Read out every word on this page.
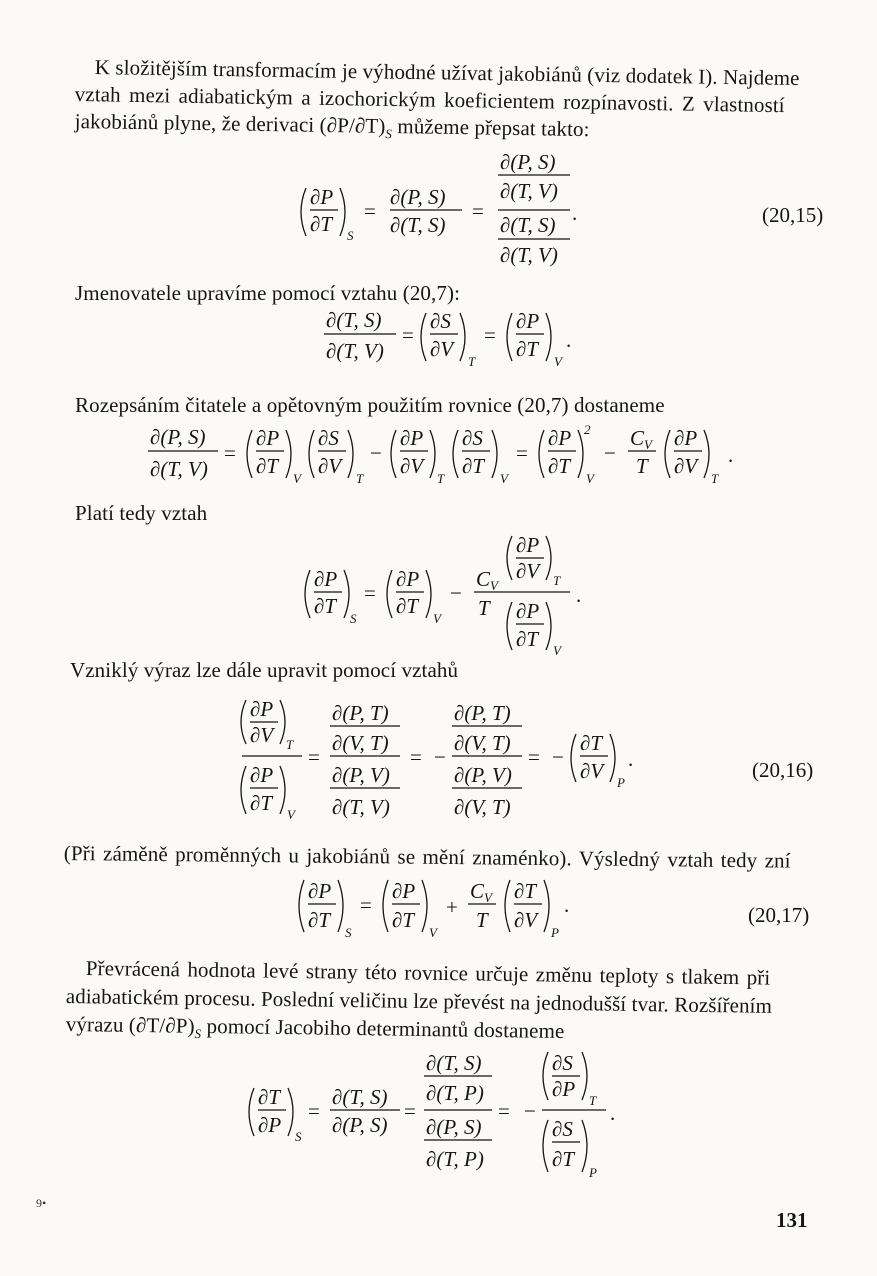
K složitějším transformacím je výhodné užívat jakobiánů (viz dodatek I). Najdeme
vztah mezi adiabatickým a izochorickým koeficientem rozpínavosti. Z vlastností
jakobiánů plyne, že derivaci $(\partial P/\partial T)_S$ můžeme přepsat takto:
∂P
∂T S
=
∂(P, S)
∂(T, S)
=
∂(P, S)
∂(T, V)
∂(T, S)
∂(T, V)
.	(20,15)
Jmenovatele upravíme pomocí vztahu (20,7):
∂(T, S)
∂(T, V)
=
∂S
∂V
T
=
∂P
∂T
V
.
Rozepsáním čitatele a opětovným použitím rovnice (20,7) dostaneme
∂(P, S)
∂(T, V)
=
∂P
∂T
V
∂S
∂V
T
−
∂P
∂V
T
∂S
∂T
V
=
∂P
∂T
2
V
−
C V
T
∂P
∂V
T
.
Platí tedy vztah
∂P
∂T
S
=
∂P
∂T
V
−
C V
T
∂P
∂V T
∂P
∂T V
.
Vzniklý výraz lze dále upravit pomocí vztahů
∂P
∂V T
∂P
∂T V
=
∂(P, T)
∂(V, T)
∂(P, V)
∂(T, V)
= −
∂(P, T)
∂(V, T)
∂(P, V)
∂(V, T)
= −
∂T
∂V P
.	(20,16)
(Při záměně proměnných u jakobiánů se mění znaménko). Výsledný vztah tedy zní
∂P
∂T
S
=
∂P
∂T
V
+
C V
T
∂T
∂V
P
.	(20,17)
Převrácená hodnota levé strany této rovnice určuje změnu teploty s tlakem při
adiabatickém procesu. Poslední veličinu lze převést na jednodušší tvar. Rozšířením
výrazu $(\partial T/\partial P)_S$ pomocí Jacobiho determinantů dostaneme
∂T
∂P S
=
∂(T, S)
∂(P, S)
=
∂(T, S)
∂(T, P)
∂(P, S)
∂(T, P)
= −
∂S
∂P T
∂S
∂T
P
.
9•
131
